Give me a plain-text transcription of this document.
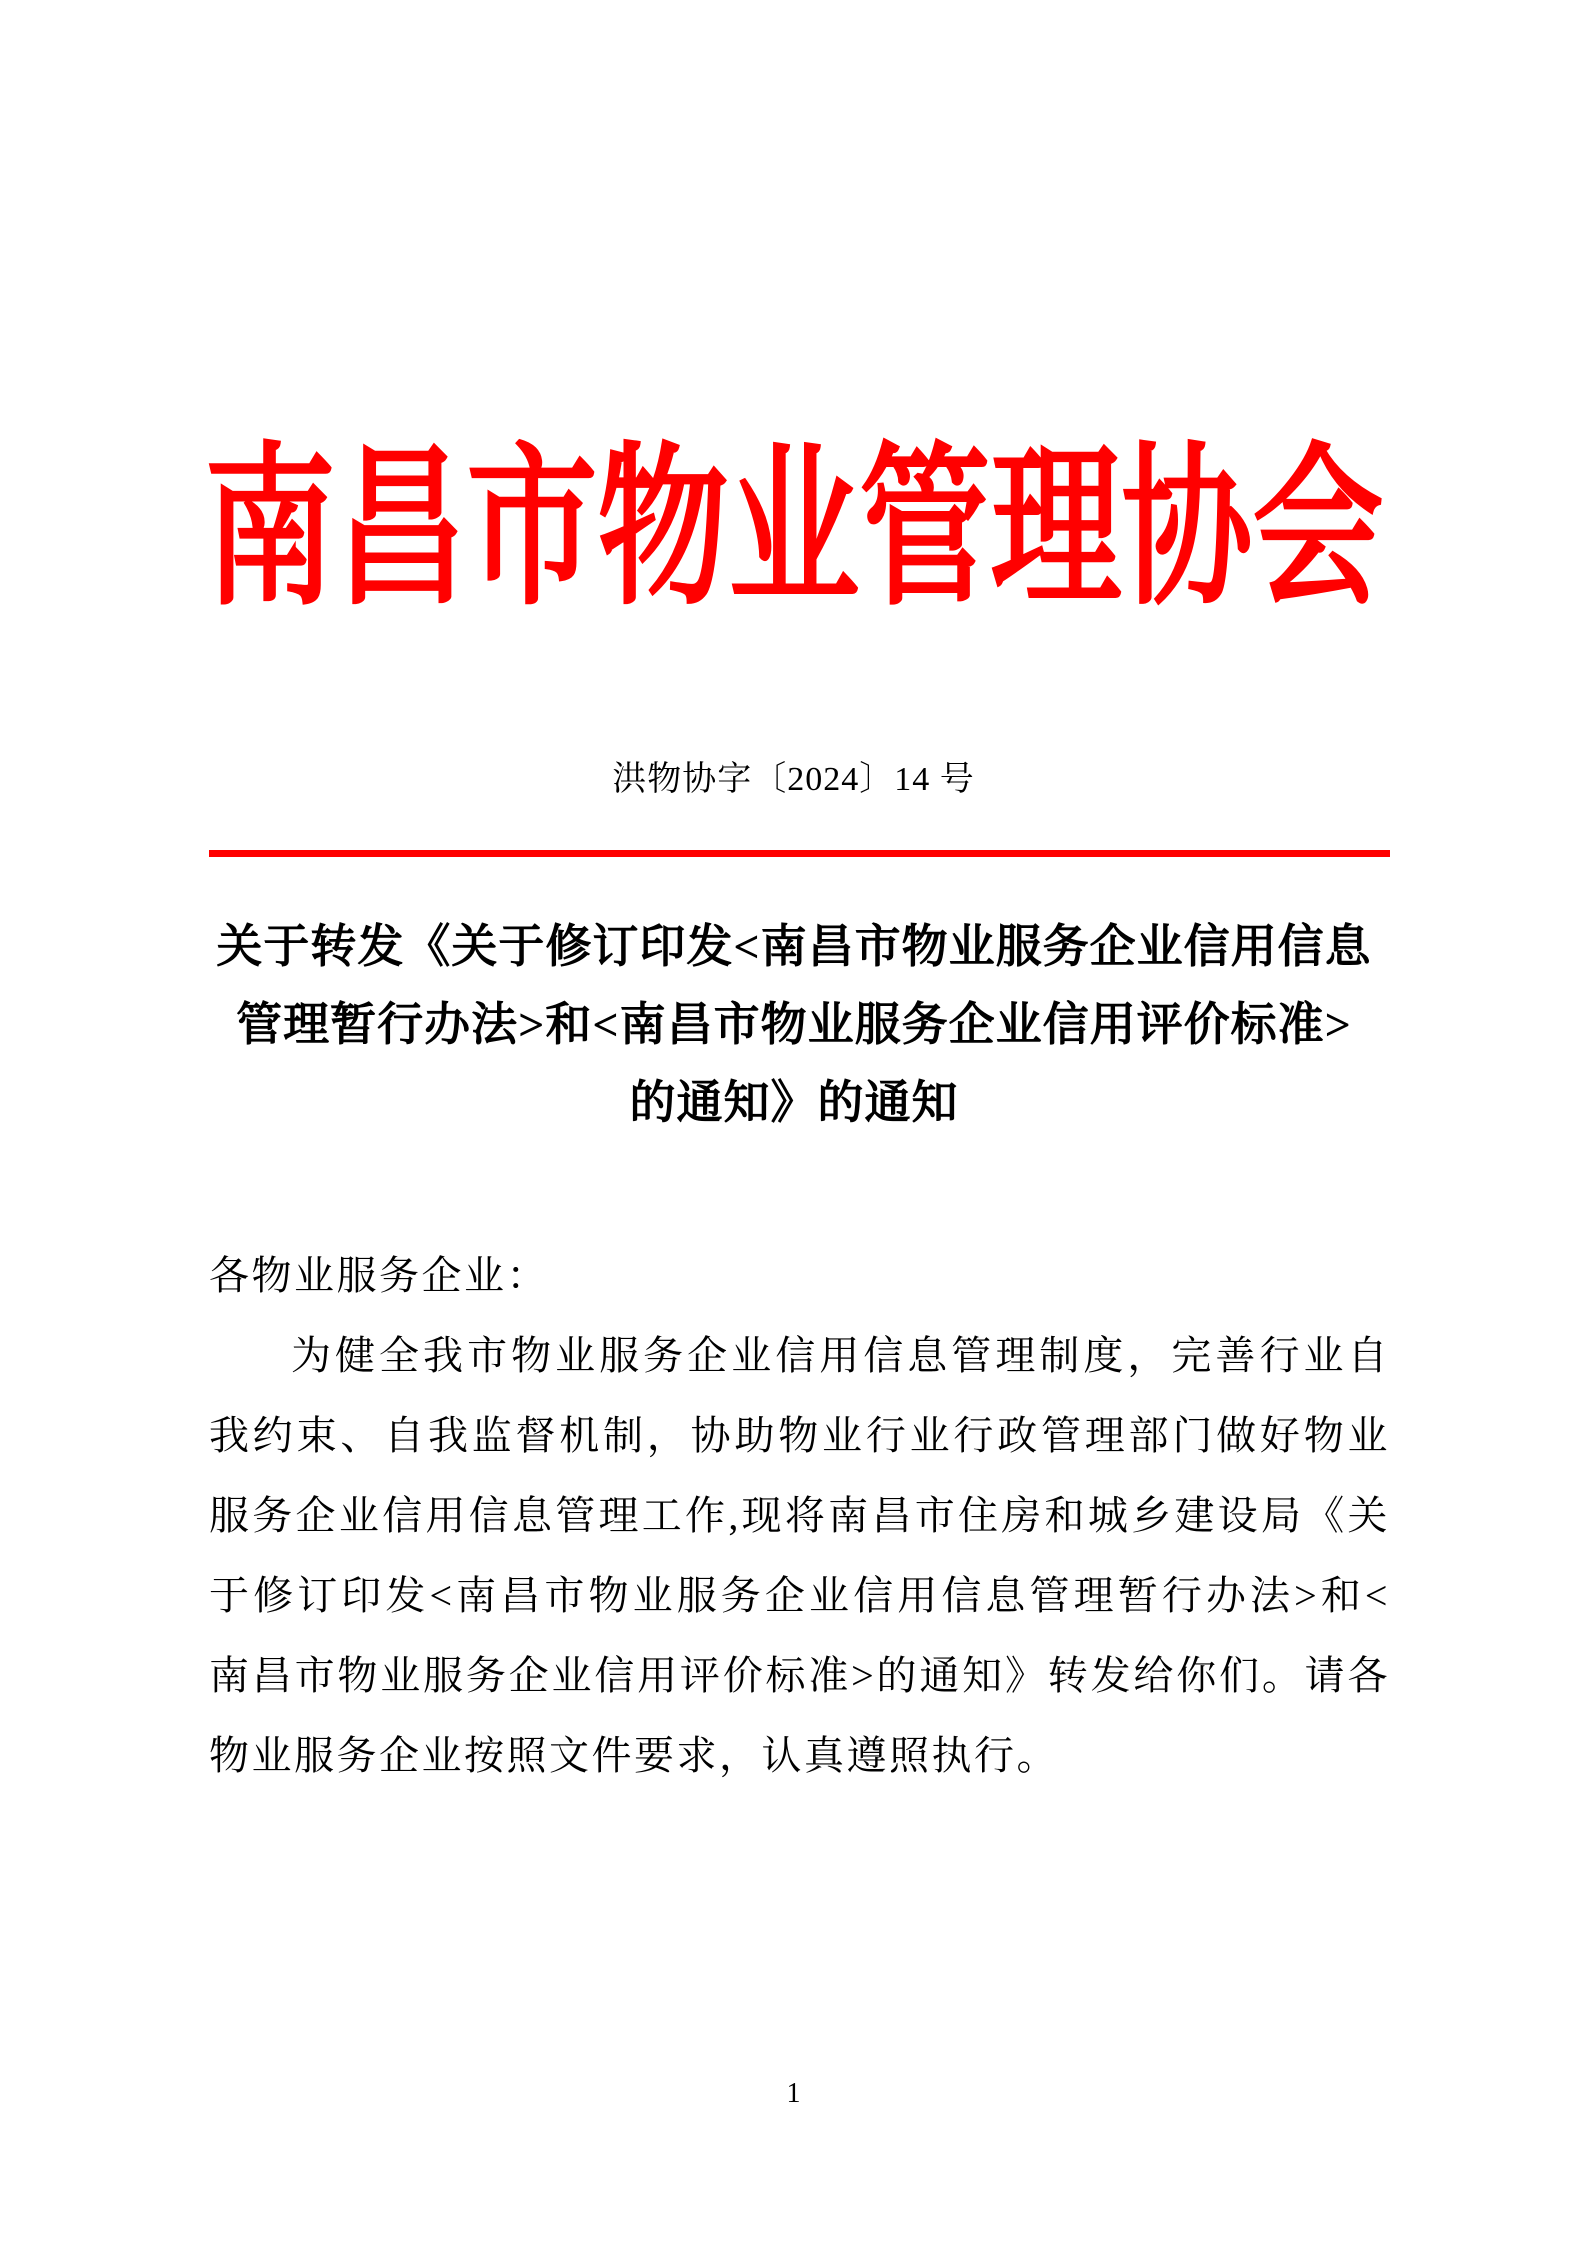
南昌市物业管理协会
洪物协字〔2024〕14 号
关于转发《关于修订印发<南昌市物业服务企业信用信息
管理暂行办法>和<南昌市物业服务企业信用评价标准>
的通知》的通知
各物业服务企业：
为健全我市物业服务企业信用信息管理制度，完善行业自
我约束、自我监督机制，协助物业行业行政管理部门做好物业
服务企业信用信息管理工作,现将南昌市住房和城乡建设局《关
于修订印发<南昌市物业服务企业信用信息管理暂行办法>和<
南昌市物业服务企业信用评价标准>的通知》转发给你们。请各
物业服务企业按照文件要求，认真遵照执行。
1
